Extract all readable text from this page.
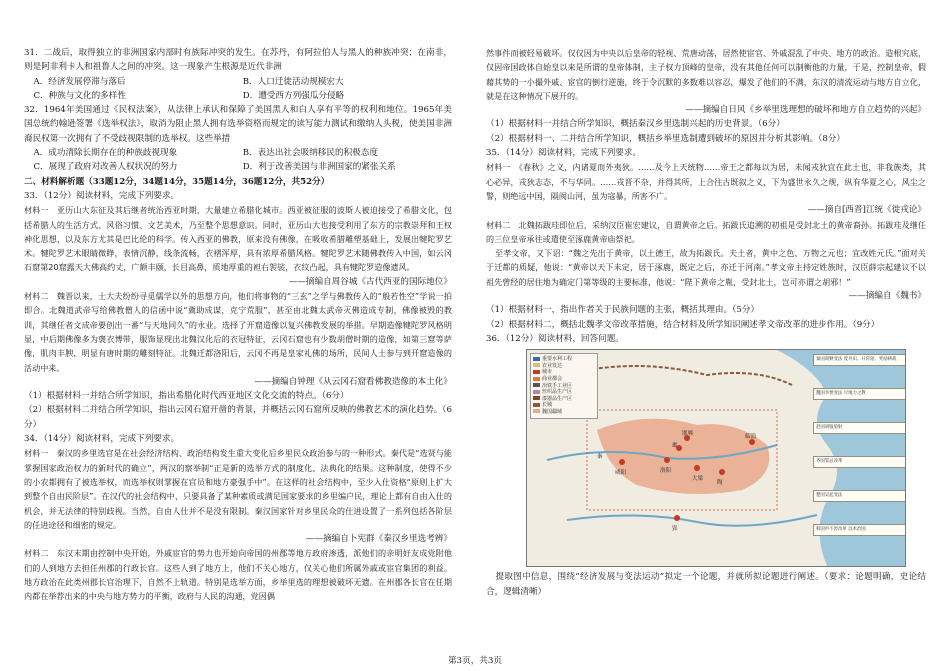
31．二战后，取得独立的非洲国家内部时有族际冲突的发生。在苏丹，有阿拉伯人与黑人的种族冲突；在南非，则是阿非利卡人和祖鲁人之间的冲突。这一现象产生根源是近代非洲

A．经济发展停滞与落后	B．人口迁徙活动规模宏大
C．种族与文化的多样性	D．遭受西方列强瓜分侵略

32．1964年美国通过《民权法案》，从法律上承认和保障了美国黑人和白人享有平等的权利和地位。1965年美国总统约翰逊签署《选举权法》，取消为阻止黑人拥有选举资格而规定的读写能力测试和缴纳人头税，使美国非洲裔民权第一次拥有了不受歧视限制的选举权。这些举措

A．成功清除长期存在的种族歧视现象	B．表达出社会吸纳移民的积极态度
C．展现了政府对改善人权状况的努力	D．利于改善美国与非洲国家的紧张关系

二、材料解析题（33题12分，34题14分，35题14分，36题12分，共52分）

33．（12分）阅读材料，完成下列要求。

材料一　亚历山大东征及其后继者统治西亚时期，大量建立希腊化城市。西亚被征服的波斯人被迫接受了希腊文化，包括希腊人的生活方式、风俗习惯、文艺美术，乃至整个思想意识。同时，亚历山大也接受利用了东方的宗教崇拜和王权神化思想，以及东方尤其是巴比伦的科学。传入西亚的佛教，原来没有佛像，在吸收希腊雕塑基础上，发展出犍陀罗艺术。犍陀罗艺术眼睛微睁，表情沉静，线条流畅，衣褶浑厚，具有浓厚希腊风格。犍陀罗艺术随佛教传入中国，如云冈石窟第20窟露天大佛高约丈，广额丰颐，长目高鼻，质地厚重的袒右袈裟，衣纹凸起，具有犍陀罗造像遗风。

——摘编自周谷城《古代西亚的国际地位》

材料二　魏晋以来，士大夫纷纷寻觅儒学以外的思想方向，他们将事物的“三玄”之学与佛教传入的“般若性空”学说一拍即合。北魏道武帝写给佛教僧人的信函中说“冀助成谋，克宁荒服”，甚至由北魏太武帝灭佛造成专制，佛像被毁的教训，其继任者文成帝要创出一番“与天地同久”的永业。选择了开窟造像以复兴佛教发展的举措。早期造像犍陀罗风格明显，中后期佛像多为褒衣博带，服饰显现出北魏汉化后的衣冠特征，云冈石窟也有少数胡僧时期的造像，如第三窟等萨像，肌肉丰腴，明显有唐时期的雕刻特征。北魏迁都洛阳后，云冈不再是皇家礼佛的场所，民间人士参与到开窟造像的活动中来。

——摘编自钟理《从云冈石窟看佛教造像的本土化》

（1）根据材料一并结合所学知识，指出希腊化时代西亚地区文化交流的特点。（6分）

（2）根据材料二并结合所学知识，指出云冈石窟开凿的背景，并概括云冈石窟所反映的佛教艺术的演化趋势。（6分）

34．（14分）阅读材料，完成下列要求。

材料一　秦汉的乡里选官是在社会经济结构、政治结构发生重大变化后乡里民众政治参与的一种形式。秦代是“选贤与能掌握国家政治权力的新时代的确立”，两汉的察举制“正是新的选举方式的制度化、法典化的结果。这种制度，使得不少的小农都拥有了被选举权，而选举权则掌握在官员和地方豪强手中”。在这样的社会结构中，至少入仕资格“原则上扩大到整个自由民阶层”。在汉代的社会结构中，只要具备了某种素质或满足国家要求的乡里编户民，理论上都有自由入仕的机会，并无法律的特别歧视。当然，自由人仕并不是没有限制。秦汉国家针对乡里民众的仕进设置了一系列包括各阶层的任进途径和细密的规定。

——摘编自卜宪群《秦汉乡里选考辨》

材料二　东汉末期由控制中央开始，外戚宦官的势力也开始向帝国的州郡等地方政府渗透，派他们的亲明好友成党附他们的人到地方去担任州郡的行政长官。这些人到了地方上，他们不关心地方，仅关心他们所属外戚或宦官集团的利益。地方政治在此类州郡长官治理下，自然不上轨道。特别是选举方面，乡举里选的理想被破坏无遗。在州郡各长官在任期内都在举荐出来的中央与地方势力的平衡，政府与人民的沟通，党因偶

然事件而被轻易破坏。仅仅因为中央以后皇帝的轻视、荒唐动荡，居然使宦官、外戚混乱了中央、地方的政治。造根究底，仅因帝国政体自始皇以来是所谓的皇帝体制，主子权力顶峰的皇帝，没有其他任何可以制衡他的力量，于是，控制皇帝，假藉其势的一小撮外戚、宦官的倒行逆施，终于令沉默的多数难以容忍，爆发了他们的不满，东汉的清流运动与地方自立化，就是在这种情况下展开的。

——摘编自日风《乡举里选理想的破坏和地方自立趋势的兴起》

（1）根据材料一并结合所学知识，概括秦汉乡里选制兴起的历史背景。（6分）

（2）根据材料一、二并结合所学知识，概括乡举里选制遭到破坏的原因并分析其影响。（8分）

35．（14分）阅读材料，完成下列要求。

材料一　《春秋》之义，内诸夏而外夷狄。……及今上天统物……帝王之都每以为居，未闻戎狄宜在此土也，非我族类，其心必异，戎狄志态，不与华同。……戎晋不杂，并得其所，上合往古既叙之义，下为盛世永久之规，纵有华夏之心，风尘之警，则绝远中国，隔阂山河，虽为寇暴，所害不广。

——摘自[西晋]江统《徙戎论》

材料二　北魏拓跋珪即位后，采纳汉臣崔宏建议，自谓黄帝之后。拓跋氏追溯的初祖是受封北土的黄帝裔孙。拓跋珪及继任的三位皇帝承往或遣使至涿鹿黄帝庙祭祀。

至孝文帝，又下诏：“魏之先出于黄帝，以土德王，故为拓跋氏。夫土者，黄中之色，万物之元也；宜改姓元氏。”面对关于迁都的质疑，他说：“黄帝以天下未定，居于涿鹿，既定之后，亦迁于河南。”孝文帝主持定姓族时，汉臣薛宗起建议不以祖先曾经的居住地为确定门第等级的主要标准，他说：“陛下黄帝之胤，受封北土，岂可亦谓之胡邪！”

——摘编自《魏书》

（1）根据材料一，指出作者关于民族问题的主张，概括其理由。（5分）

（2）根据材料二，概括北魏孝文帝改革措施，结合材料及所学知识阐述孝文帝改革的进步作用。（9分）

36．（12分）阅读材料，回答问题。

重要水利工程
农业发达
城市
商业都会
冶铁手工业区
丝织品生产区
漆器品生产区
长城
魏国疆域
秦
咸阳	洛阳
大梁
临淄
邯郸
邺
陶
郢
秦国商鞅变法 废井田、开阡陌、奖励耕战
魏国李悝变法 尽地力之教
赵国胡服骑射
齐国邹忌改革
楚国吴起变法
韩国申不害改革 以术治国

提取图中信息，围绕“经济发展与变法运动”拟定一个论题，并就所拟论题进行阐述。（要求：论题明确，史论结合，逻辑清晰）

第3页，共3页
